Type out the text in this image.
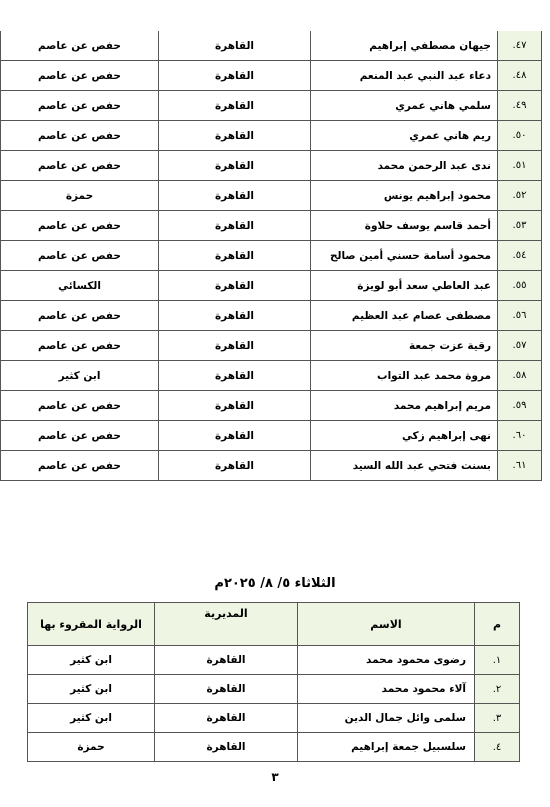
٤٧.	جيهان مصطفي إبراهيم	القاهرة	حفص عن عاصم
٤٨.	دعاء عبد النبي عبد المنعم	القاهرة	حفص عن عاصم
٤٩.	سلمي هاني عمري	القاهرة	حفص عن عاصم
٥٠.	ريم هاني عمري	القاهرة	حفص عن عاصم
٥١.	ندى عبد الرحمن محمد	القاهرة	حفص عن عاصم
٥٢.	محمود إبراهيم يونس	القاهرة	حمزة
٥٣.	أحمد قاسم يوسف حلاوة	القاهرة	حفص عن عاصم
٥٤.	محمود أسامة حسني أمين صالح	القاهرة	حفص عن عاصم
٥٥.	عبد العاطي سعد أبو لويزة	القاهرة	الكسائي
٥٦.	مصطفى عصام عبد العظيم	القاهرة	حفص عن عاصم
٥٧.	رقية عزت جمعة	القاهرة	حفص عن عاصم
٥٨.	مروة محمد عبد التواب	القاهرة	ابن كثير
٥٩.	مريم إبراهيم محمد	القاهرة	حفص عن عاصم
٦٠.	نهى إبراهيم زكي	القاهرة	حفص عن عاصم
٦١.	بسنت فتحي عبد الله السيد	القاهرة	حفص عن عاصم
الثلاثاء ٥/ ٨/ ٢٠٢٥م
م	الاسم	المديرية	الرواية المقروء بها
١.	رضوى محمود محمد	القاهرة	ابن كثير
٢.	آلاء محمود محمد	القاهرة	ابن كثير
٣.	سلمى وائل جمال الدين	القاهرة	ابن كثير
٤.	سلسبيل جمعة إبراهيم	القاهرة	حمزة
٣
